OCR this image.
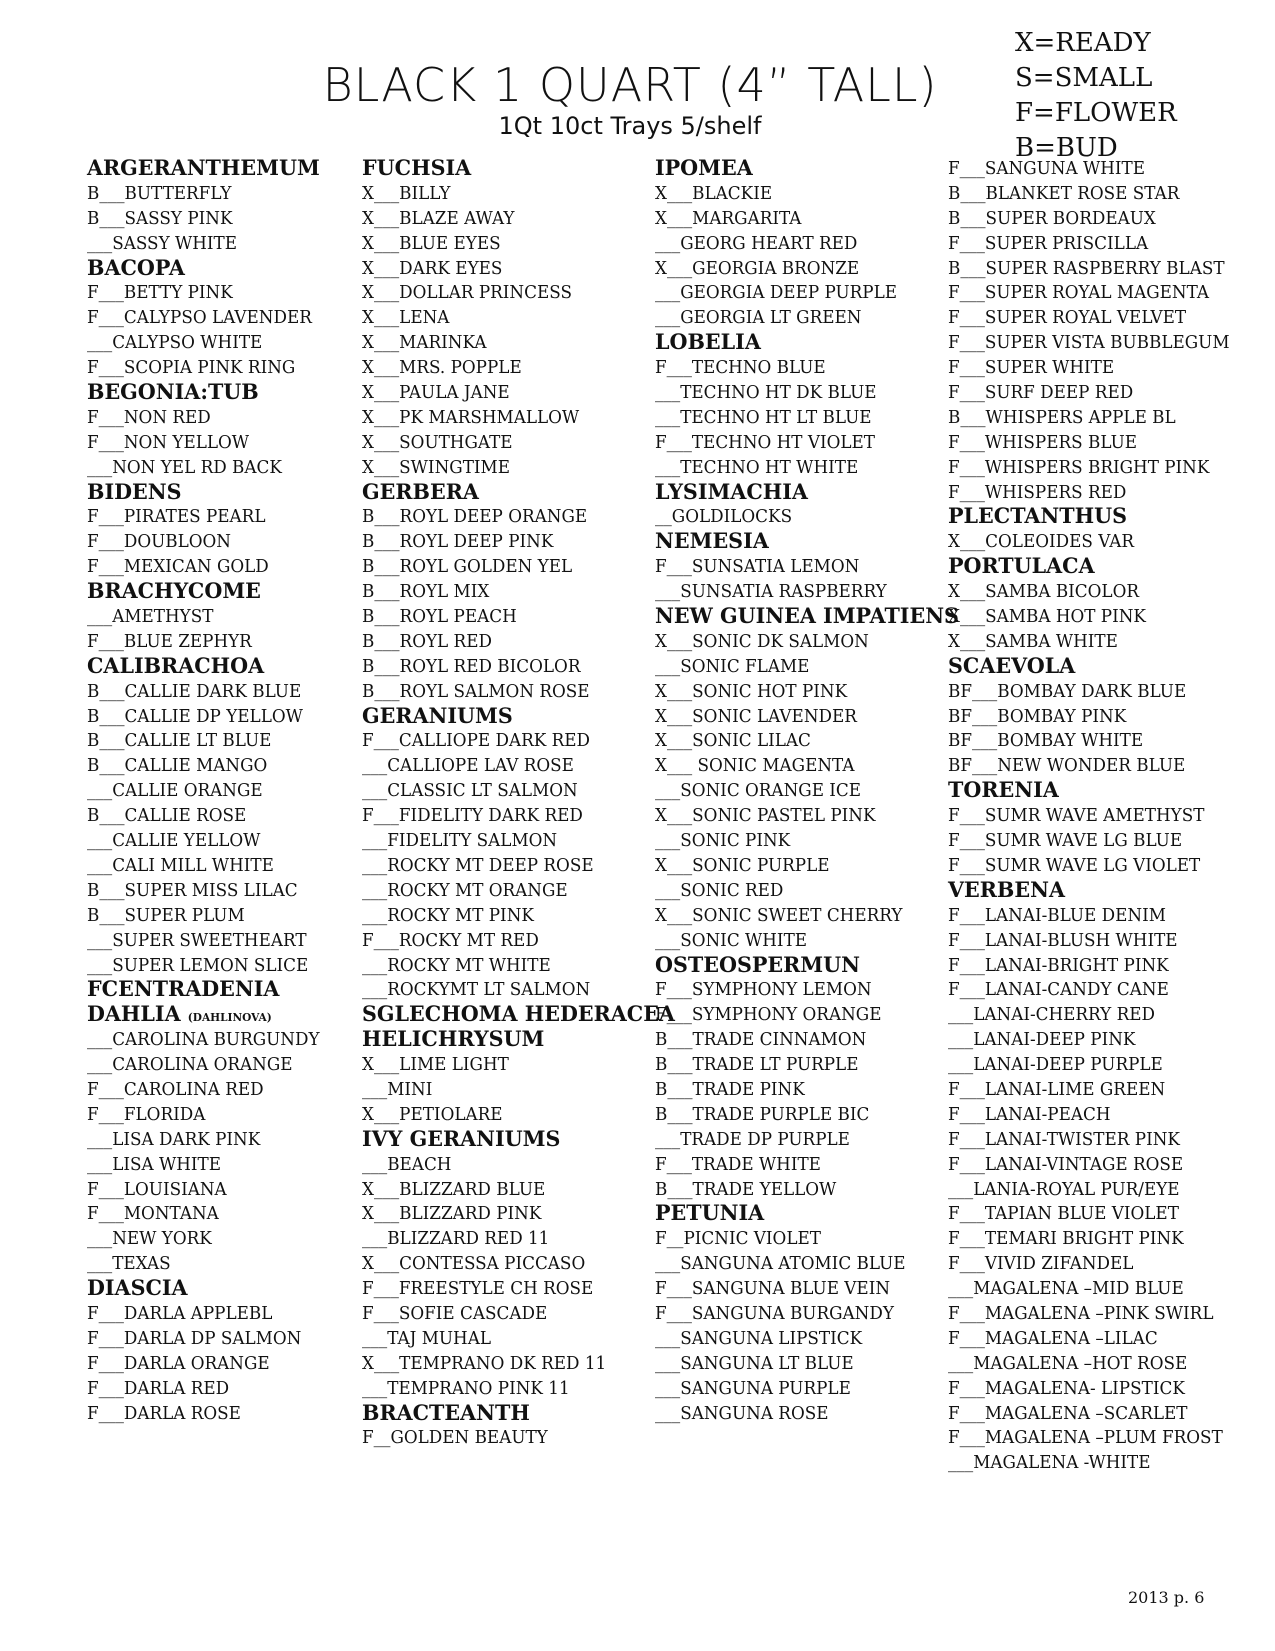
BLACK 1 QUART (4” TALL)
1Qt 10ct Trays 5/shelf
X=READY
S=SMALL
F=FLOWER
B=BUD
ARGERANTHEMUM
B___BUTTERFLY
B___SASSY PINK
___SASSY WHITE
BACOPA
F___BETTY PINK
F___CALYPSO LAVENDER
___CALYPSO WHITE
F___SCOPIA PINK RING
BEGONIA:TUB
F___NON RED
F___NON YELLOW
___NON YEL RD BACK
BIDENS
F___PIRATES PEARL
F___DOUBLOON
F___MEXICAN GOLD
BRACHYCOME
___AMETHYST
F___BLUE ZEPHYR
CALIBRACHOA
B___CALLIE DARK BLUE
B___CALLIE DP YELLOW
B___CALLIE LT BLUE
B___CALLIE MANGO
___CALLIE ORANGE
B___CALLIE ROSE
___CALLIE YELLOW
___CALI MILL WHITE
B___SUPER MISS LILAC
B___SUPER PLUM
___SUPER SWEETHEART
___SUPER LEMON SLICE
FCENTRADENIA
DAHLIA (DAHLINOVA)
___CAROLINA BURGUNDY
___CAROLINA ORANGE
F___CAROLINA RED
F___FLORIDA
___LISA DARK PINK
___LISA WHITE
F___LOUISIANA
F___MONTANA
___NEW YORK
___TEXAS
DIASCIA
F___DARLA APPLEBL
F___DARLA DP SALMON
F___DARLA ORANGE
F___DARLA RED
F___DARLA ROSE
FUCHSIA
X___BILLY
X___BLAZE AWAY
X___BLUE EYES
X___DARK EYES
X___DOLLAR PRINCESS
X___LENA
X___MARINKA
X___MRS. POPPLE
X___PAULA JANE
X___PK MARSHMALLOW
X___SOUTHGATE
X___SWINGTIME
GERBERA
B___ROYL DEEP ORANGE
B___ROYL DEEP PINK
B___ROYL GOLDEN YEL
B___ROYL MIX
B___ROYL PEACH
B___ROYL RED
B___ROYL RED BICOLOR
B___ROYL SALMON ROSE
GERANIUMS
F___CALLIOPE DARK RED
___CALLIOPE LAV ROSE
___CLASSIC LT SALMON
F___FIDELITY DARK RED
___FIDELITY SALMON
___ROCKY MT DEEP ROSE
___ROCKY MT ORANGE
___ROCKY MT PINK
F___ROCKY MT RED
___ROCKY MT WHITE
___ROCKYMT LT SALMON
SGLECHOMA HEDERACEA
HELICHRYSUM
X___LIME LIGHT
___MINI
X___PETIOLARE
IVY GERANIUMS
___BEACH
X___BLIZZARD BLUE
X___BLIZZARD PINK
___BLIZZARD RED 11
X___CONTESSA PICCASO
F___FREESTYLE CH ROSE
F___SOFIE CASCADE
___TAJ MUHAL
X___TEMPRANO DK RED 11
___TEMPRANO PINK 11
BRACTEANTH
F__GOLDEN BEAUTY
IPOMEA
X___BLACKIE
X___MARGARITA
___GEORG HEART RED
X___GEORGIA BRONZE
___GEORGIA DEEP PURPLE
___GEORGIA LT GREEN
LOBELIA
F___TECHNO BLUE
___TECHNO HT DK BLUE
___TECHNO HT LT BLUE
F___TECHNO HT VIOLET
___TECHNO HT WHITE
LYSIMACHIA
__GOLDILOCKS
NEMESIA
F___SUNSATIA LEMON
___SUNSATIA RASPBERRY
NEW GUINEA IMPATIENS
X___SONIC DK SALMON
___SONIC FLAME
X___SONIC HOT PINK
X___SONIC LAVENDER
X___SONIC LILAC
X___ SONIC MAGENTA
___SONIC ORANGE ICE
X___SONIC PASTEL PINK
___SONIC PINK
X___SONIC PURPLE
___SONIC RED
X___SONIC SWEET CHERRY
___SONIC WHITE
OSTEOSPERMUN
F___SYMPHONY LEMON
F___SYMPHONY ORANGE
B___TRADE CINNAMON
B___TRADE LT PURPLE
B___TRADE PINK
B___TRADE PURPLE BIC
___TRADE DP PURPLE
F___TRADE WHITE
B___TRADE YELLOW
PETUNIA
F__PICNIC VIOLET
___SANGUNA ATOMIC BLUE
F___SANGUNA BLUE VEIN
F___SANGUNA BURGANDY
___SANGUNA LIPSTICK
___SANGUNA LT BLUE
___SANGUNA PURPLE
___SANGUNA ROSE
F___SANGUNA WHITE
B___BLANKET ROSE STAR
B___SUPER BORDEAUX
F___SUPER PRISCILLA
B___SUPER RASPBERRY BLAST
F___SUPER ROYAL MAGENTA
F___SUPER ROYAL VELVET
F___SUPER VISTA BUBBLEGUM
F___SUPER WHITE
F___SURF DEEP RED
B___WHISPERS APPLE BL
F___WHISPERS BLUE
F___WHISPERS BRIGHT PINK
F___WHISPERS RED
PLECTANTHUS
X___COLEOIDES VAR
PORTULACA
X___SAMBA BICOLOR
X___SAMBA HOT PINK
X___SAMBA WHITE
SCAEVOLA
BF___BOMBAY DARK BLUE
BF___BOMBAY PINK
BF___BOMBAY WHITE
BF___NEW WONDER BLUE
TORENIA
F___SUMR WAVE AMETHYST
F___SUMR WAVE LG BLUE
F___SUMR WAVE LG VIOLET
VERBENA
F___LANAI-BLUE DENIM
F___LANAI-BLUSH WHITE
F___LANAI-BRIGHT PINK
F___LANAI-CANDY CANE
___LANAI-CHERRY RED
___LANAI-DEEP PINK
___LANAI-DEEP PURPLE
F___LANAI-LIME GREEN
F___LANAI-PEACH
F___LANAI-TWISTER PINK
F___LANAI-VINTAGE ROSE
___LANIA-ROYAL PUR/EYE
F___TAPIAN BLUE VIOLET
F___TEMARI BRIGHT PINK
F___VIVID ZIFANDEL
___MAGALENA –MID BLUE
F___MAGALENA –PINK SWIRL
F___MAGALENA –LILAC
___MAGALENA –HOT ROSE
F___MAGALENA- LIPSTICK
F___MAGALENA –SCARLET
F___MAGALENA –PLUM FROST
___MAGALENA -WHITE
2013 p. 6
